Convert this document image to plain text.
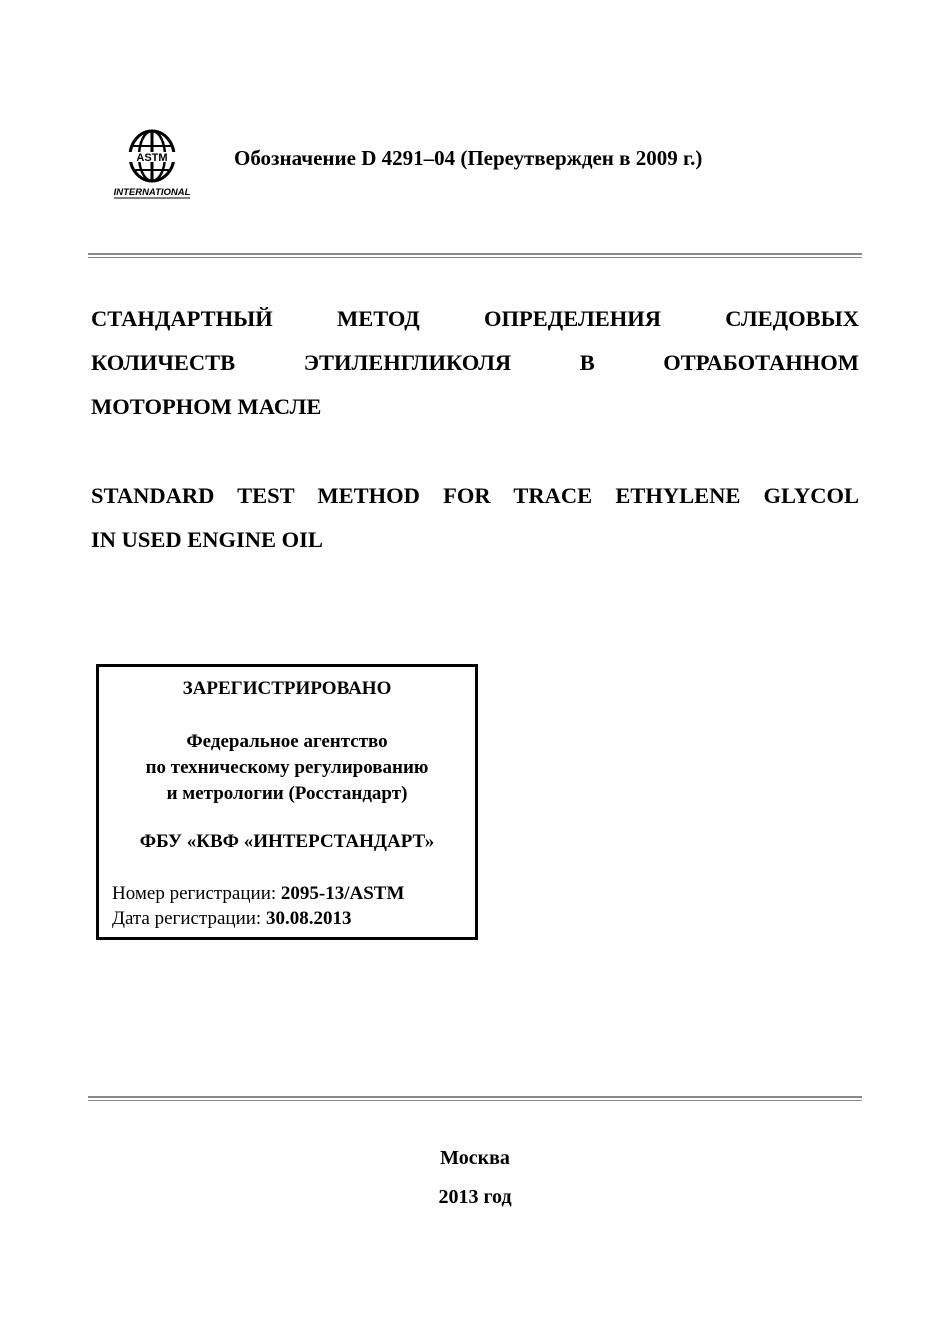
ASTM
INTERNATIONAL
Обозначение D 4291–04 (Переутвержден в 2009 г.)
СТАНДАРТНЫЙ МЕТОД ОПРЕДЕЛЕНИЯ СЛЕДОВЫХ
КОЛИЧЕСТВ ЭТИЛЕНГЛИКОЛЯ В ОТРАБОТАННОМ
МОТОРНОМ МАСЛЕ
STANDARD TEST METHOD FOR TRACE ETHYLENE GLYCOL
IN USED ENGINE OIL
ЗАРЕГИСТРИРОВАНО
Федеральное агентство
по техническому регулированию
и метрологии (Росстандарт)
ФБУ «КВФ «ИНТЕРСТАНДАРТ»
Номер регистрации: 2095-13/ASTM
Дата регистрации: 30.08.2013
Москва
2013 год
